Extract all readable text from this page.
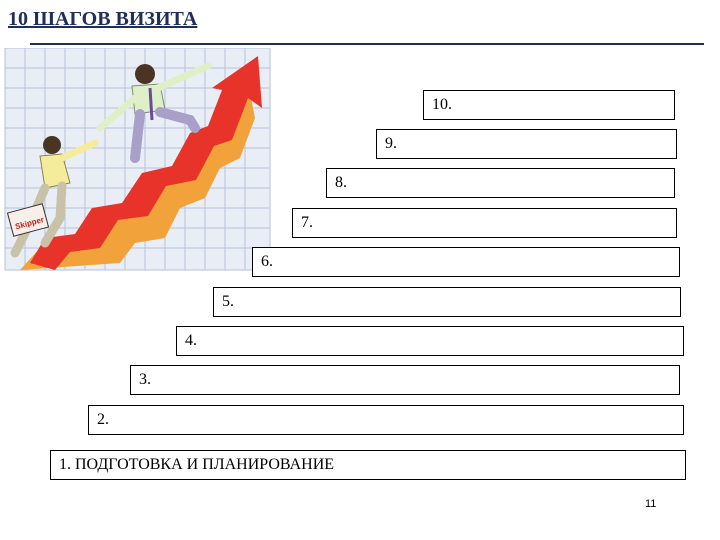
10 ШАГОВ ВИЗИТА
Skipper
10.
9.
8.
7.
6.
5.
4.
3.
2.
1. ПОДГОТОВКА И ПЛАНИРОВАНИЕ
11
